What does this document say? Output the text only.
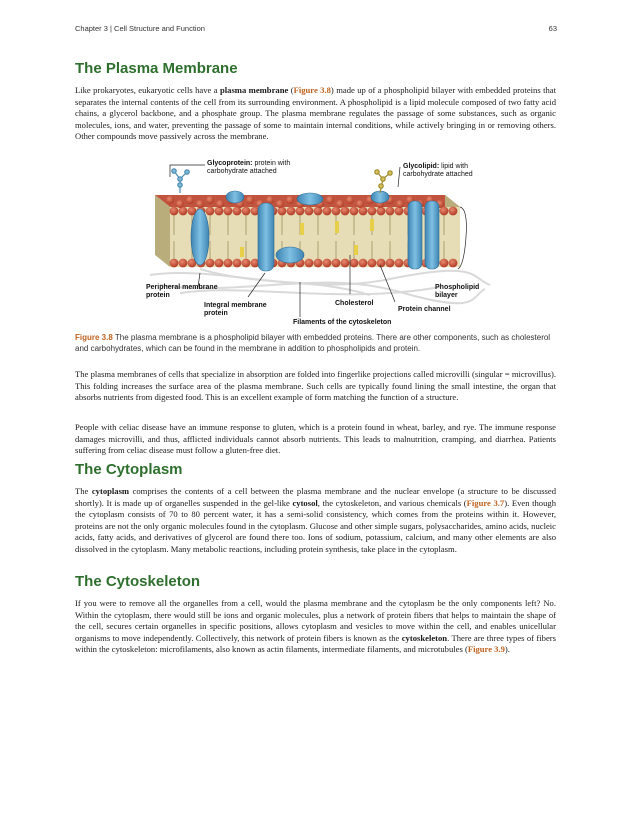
Chapter 3 | Cell Structure and Function	63
The Plasma Membrane

Like prokaryotes, eukaryotic cells have a plasma membrane (Figure 3.8) made up of a phospholipid bilayer with embedded proteins that separates the internal contents of the cell from its surrounding environment. A phospholipid is a lipid molecule composed of two fatty acid chains, a glycerol backbone, and a phosphate group. The plasma membrane regulates the passage of some substances, such as organic molecules, ions, and water, preventing the passage of some to maintain internal conditions, while actively bringing in or removing others. Other compounds move passively across the membrane.

Glycoprotein: protein with carbohydrate attached
Glycolipid: lipid with carbohydrate attached
Peripheral membrane protein
Integral membrane protein
Cholesterol
Phospholipid bilayer
Protein channel
Filaments of the cytoskeleton

Figure 3.8 The plasma membrane is a phospholipid bilayer with embedded proteins. There are other components, such as cholesterol and carbohydrates, which can be found in the membrane in addition to phospholipids and protein.

The plasma membranes of cells that specialize in absorption are folded into fingerlike projections called microvilli (singular = microvillus). This folding increases the surface area of the plasma membrane. Such cells are typically found lining the small intestine, the organ that absorbs nutrients from digested food. This is an excellent example of form matching the function of a structure.

People with celiac disease have an immune response to gluten, which is a protein found in wheat, barley, and rye. The immune response damages microvilli, and thus, afflicted individuals cannot absorb nutrients. This leads to malnutrition, cramping, and diarrhea. Patients suffering from celiac disease must follow a gluten-free diet.

The Cytoplasm

The cytoplasm comprises the contents of a cell between the plasma membrane and the nuclear envelope (a structure to be discussed shortly). It is made up of organelles suspended in the gel-like cytosol, the cytoskeleton, and various chemicals (Figure 3.7). Even though the cytoplasm consists of 70 to 80 percent water, it has a semi-solid consistency, which comes from the proteins within it. However, proteins are not the only organic molecules found in the cytoplasm. Glucose and other simple sugars, polysaccharides, amino acids, nucleic acids, fatty acids, and derivatives of glycerol are found there too. Ions of sodium, potassium, calcium, and many other elements are also dissolved in the cytoplasm. Many metabolic reactions, including protein synthesis, take place in the cytoplasm.

The Cytoskeleton

If you were to remove all the organelles from a cell, would the plasma membrane and the cytoplasm be the only components left? No. Within the cytoplasm, there would still be ions and organic molecules, plus a network of protein fibers that helps to maintain the shape of the cell, secures certain organelles in specific positions, allows cytoplasm and vesicles to move within the cell, and enables unicellular organisms to move independently. Collectively, this network of protein fibers is known as the cytoskeleton. There are three types of fibers within the cytoskeleton: microfilaments, also known as actin filaments, intermediate filaments, and microtubules (Figure 3.9).
